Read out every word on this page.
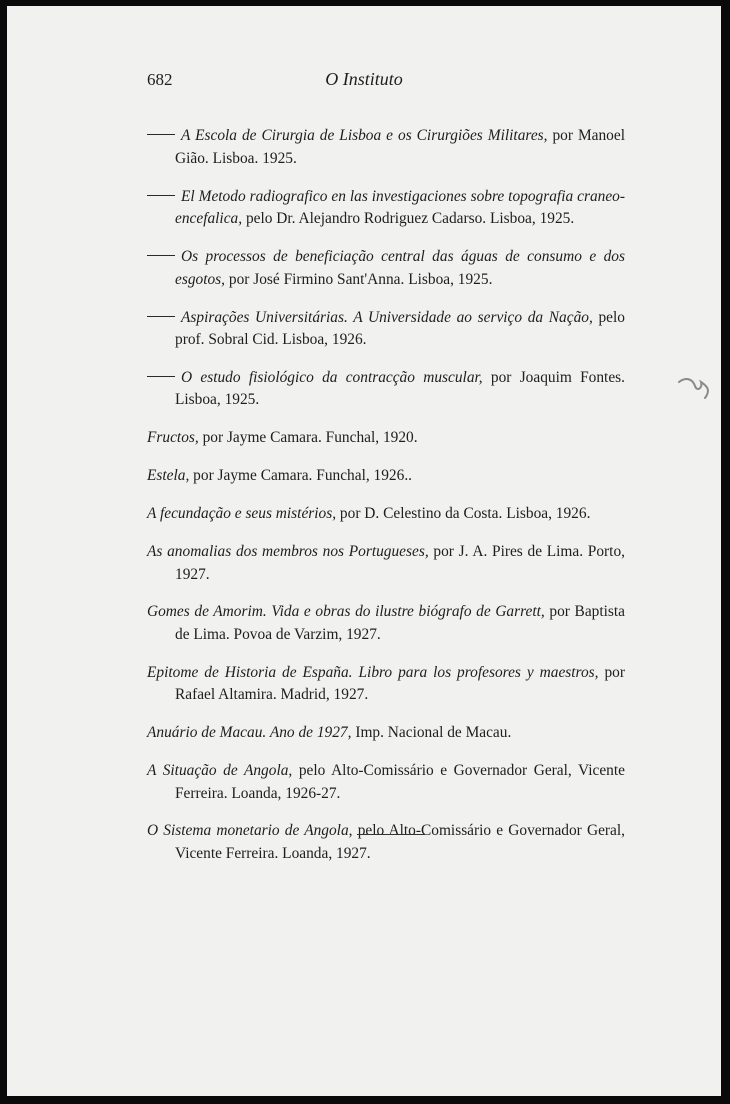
682	O Instituto

A Escola de Cirurgia de Lisboa e os Cirurgiões Militares, por Manoel Gião. Lisboa. 1925.

El Metodo radiografico en las investigaciones sobre topografia craneo-encefalica, pelo Dr. Alejandro Rodriguez Cadarso. Lisboa, 1925.

Os processos de beneficiação central das águas de consumo e dos esgotos, por José Firmino Sant'Anna. Lisboa, 1925.

Aspirações Universitárias. A Universidade ao serviço da Nação, pelo prof. Sobral Cid. Lisboa, 1926.

O estudo fisiológico da contracção muscular, por Joaquim Fontes. Lisboa, 1925.

Fructos, por Jayme Camara. Funchal, 1920.

Estela, por Jayme Camara. Funchal, 1926..

A fecundação e seus mistérios, por D. Celestino da Costa. Lisboa, 1926.

As anomalias dos membros nos Portugueses, por J. A. Pires de Lima. Porto, 1927.

Gomes de Amorim. Vida e obras do ilustre biógrafo de Garrett, por Baptista de Lima. Povoa de Varzim, 1927.

Epitome de Historia de España. Libro para los profesores y maestros, por Rafael Altamira. Madrid, 1927.

Anuário de Macau. Ano de 1927, Imp. Nacional de Macau.

A Situação de Angola, pelo Alto-Comissário e Governador Geral, Vicente Ferreira. Loanda, 1926-27.

O Sistema monetario de Angola, pelo Alto-Comissário e Governador Geral, Vicente Ferreira. Loanda, 1927.
